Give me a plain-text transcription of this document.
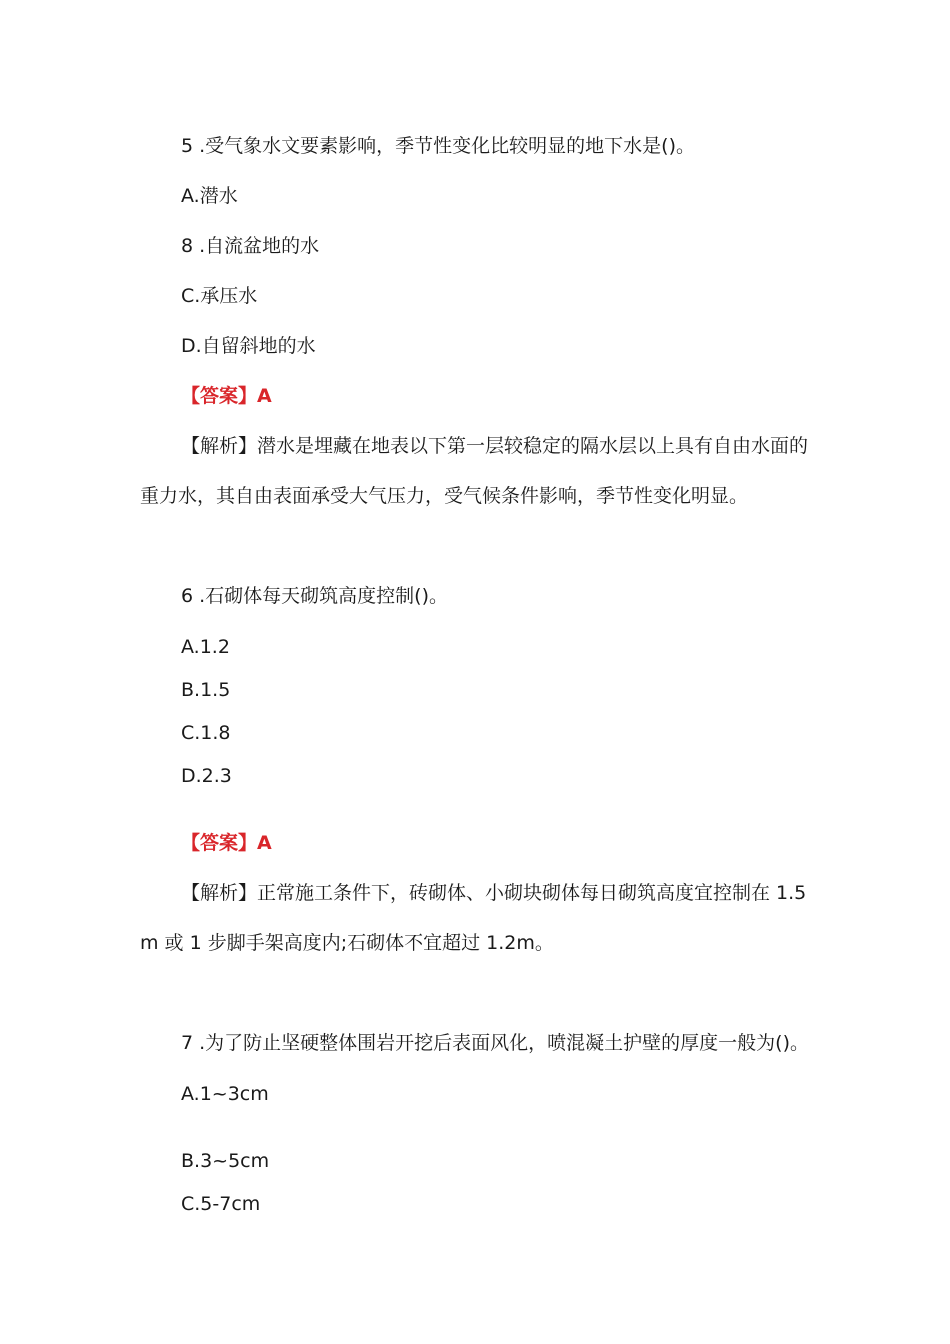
5 .受气象水文要素影响，季节性变化比较明显的地下水是()。
A.潜水
8 .自流盆地的水
C.承压水
D.自留斜地的水
【答案】A
【解析】潜水是埋藏在地表以下第一层较稳定的隔水层以上具有自由水面的
重力水，其自由表面承受大气压力，受气候条件影响，季节性变化明显。
6 .石砌体每天砌筑高度控制()。
A.1.2
B.1.5
C.1.8
D.2.3
【答案】A
【解析】正常施工条件下，砖砌体、小砌块砌体每日砌筑高度宜控制在 1.5
m 或 1 步脚手架高度内;石砌体不宜超过 1.2m。
7 .为了防止坚硬整体围岩开挖后表面风化，喷混凝土护壁的厚度一般为()。
A.1~3cm
B.3~5cm
C.5-7cm
